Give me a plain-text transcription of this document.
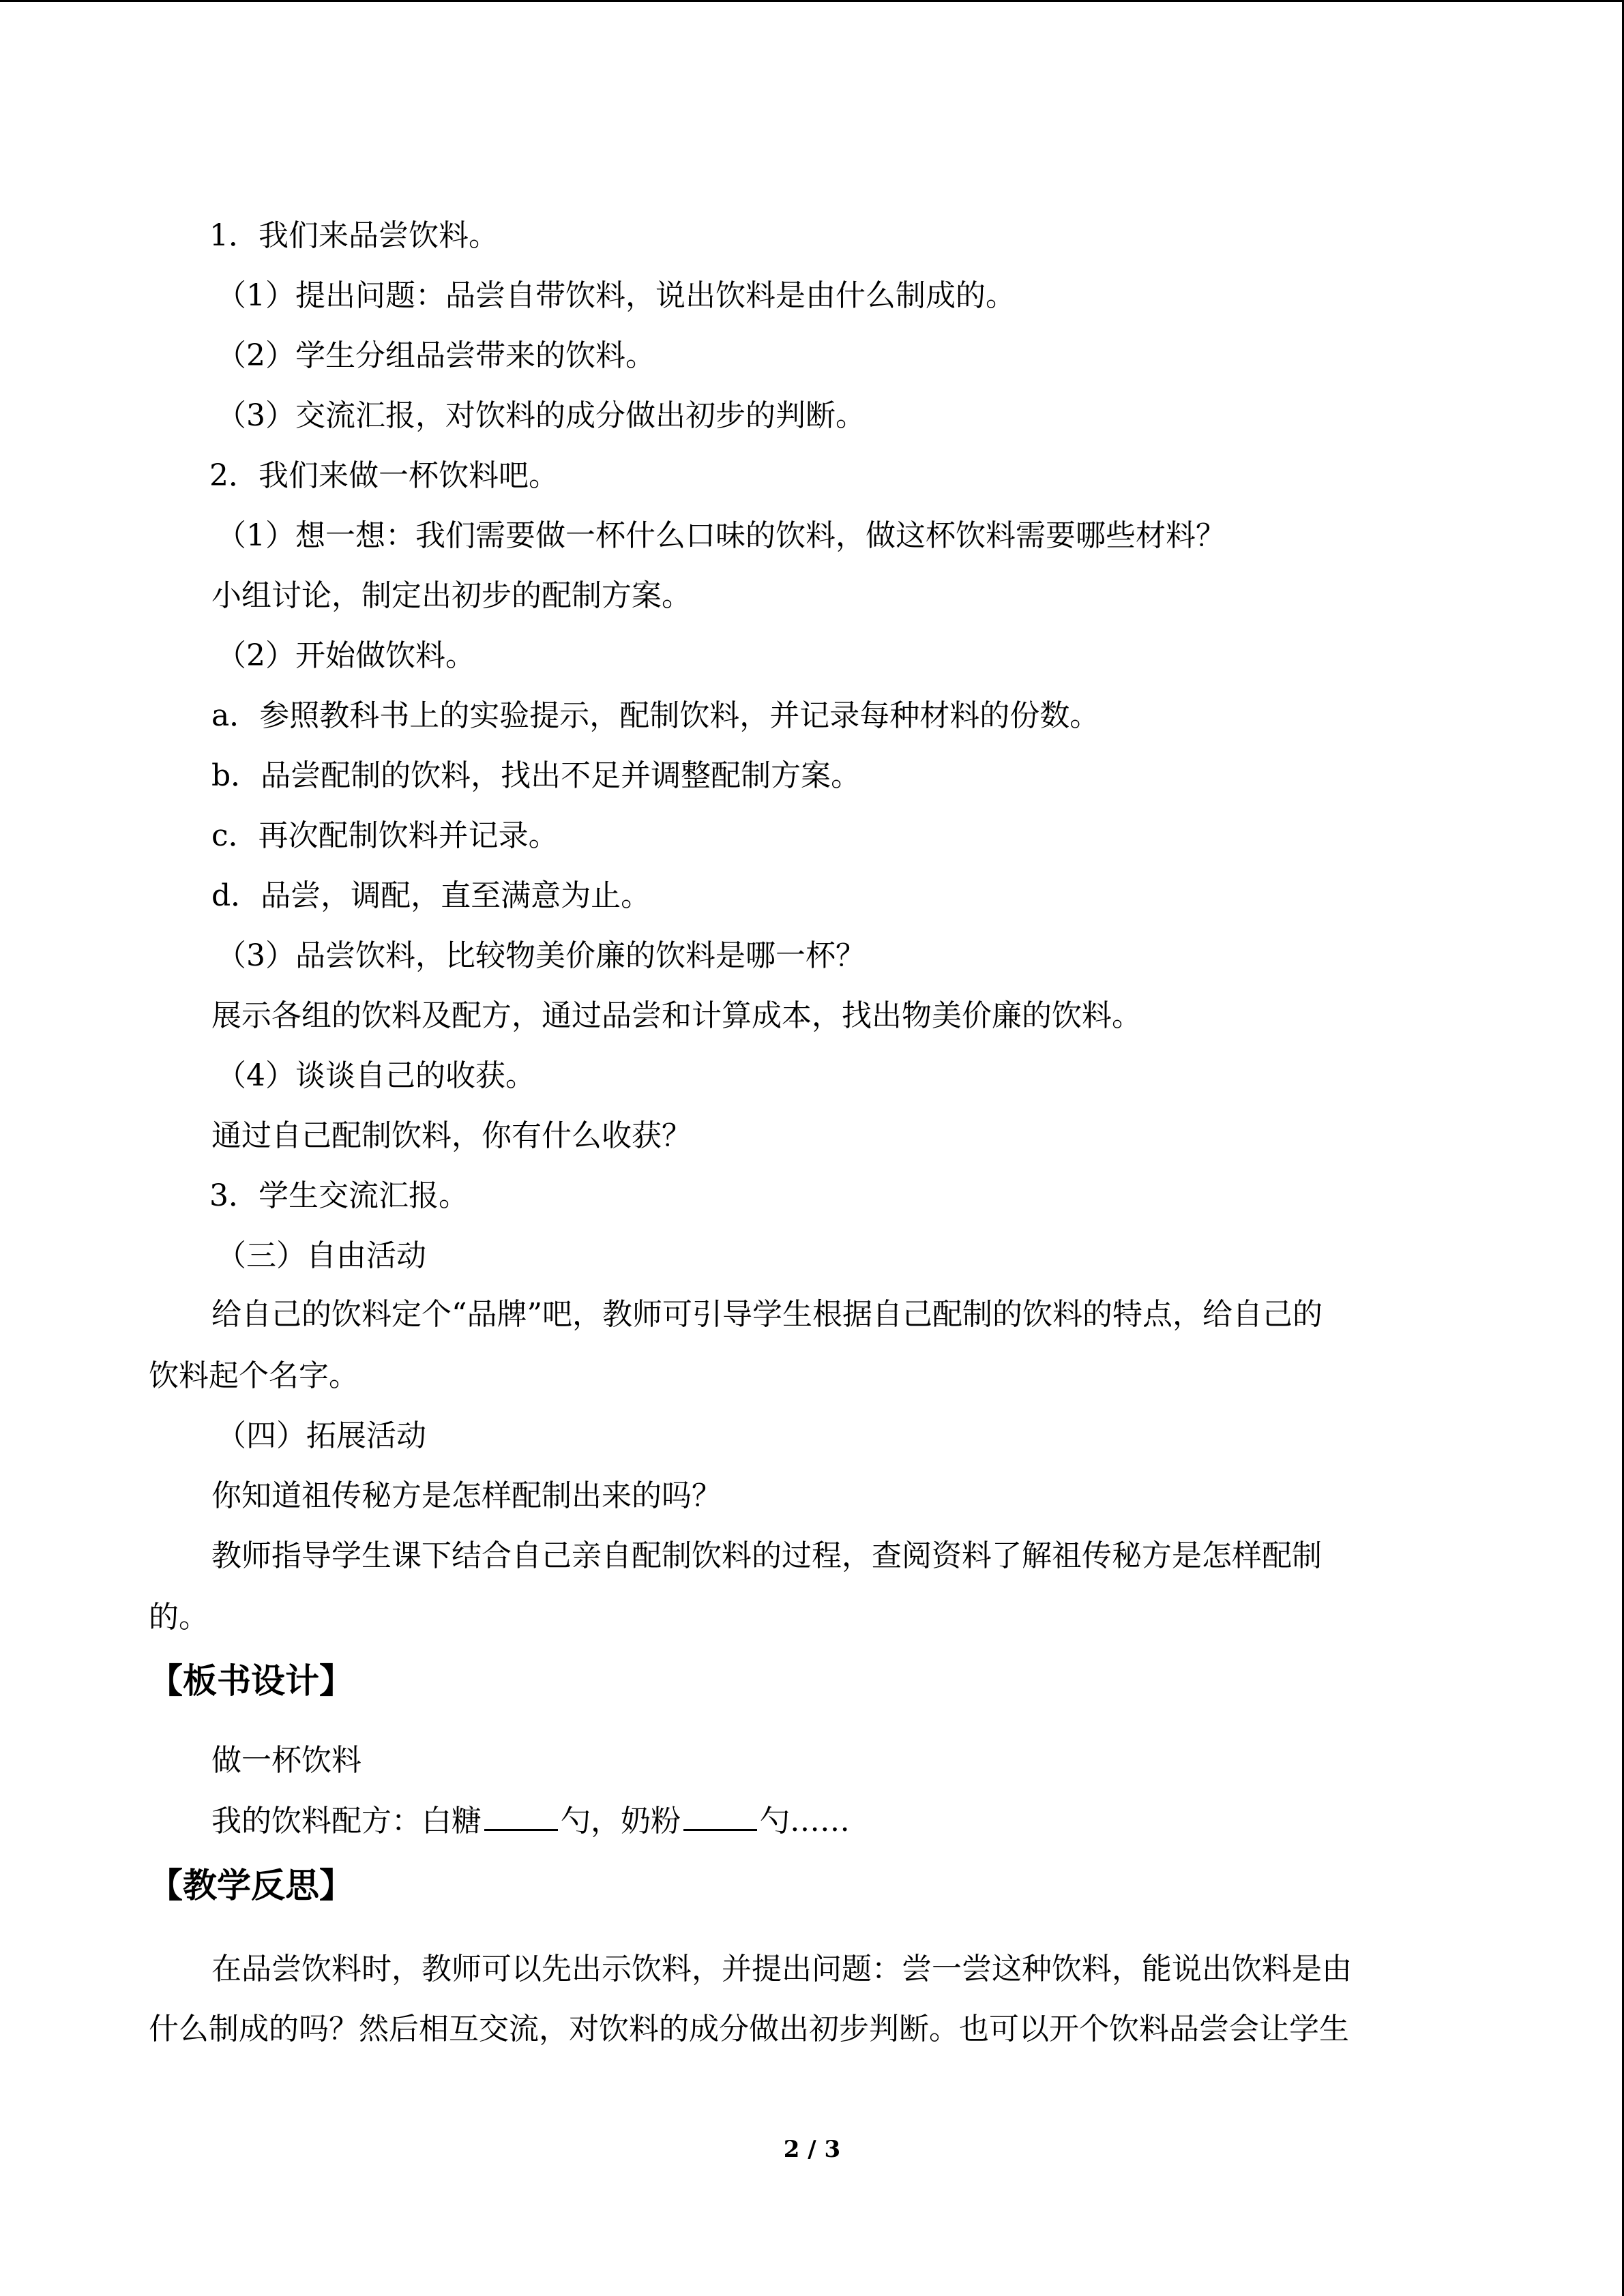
1．我们来品尝饮料。

（1）提出问题：品尝自带饮料，说出饮料是由什么制成的。

（2）学生分组品尝带来的饮料。

（3）交流汇报，对饮料的成分做出初步的判断。

2．我们来做一杯饮料吧。

（1）想一想：我们需要做一杯什么口味的饮料，做这杯饮料需要哪些材料？

小组讨论，制定出初步的配制方案。

（2）开始做饮料。

a．参照教科书上的实验提示，配制饮料，并记录每种材料的份数。

b．品尝配制的饮料，找出不足并调整配制方案。

c．再次配制饮料并记录。

d．品尝，调配，直至满意为止。

（3）品尝饮料，比较物美价廉的饮料是哪一杯？

展示各组的饮料及配方，通过品尝和计算成本，找出物美价廉的饮料。

（4）谈谈自己的收获。

通过自己配制饮料，你有什么收获？

3．学生交流汇报。

（三）自由活动

给自己的饮料定个“品牌”吧，教师可引导学生根据自己配制的饮料的特点，给自己的

饮料起个名字。

（四）拓展活动

你知道祖传秘方是怎样配制出来的吗？

教师指导学生课下结合自己亲自配制饮料的过程，查阅资料了解祖传秘方是怎样配制

的。

【板书设计】

做一杯饮料

我的饮料配方：白糖	勺，奶粉	勺……

【教学反思】

在品尝饮料时，教师可以先出示饮料，并提出问题：尝一尝这种饮料，能说出饮料是由

什么制成的吗？然后相互交流，对饮料的成分做出初步判断。也可以开个饮料品尝会让学生

2 / 3
